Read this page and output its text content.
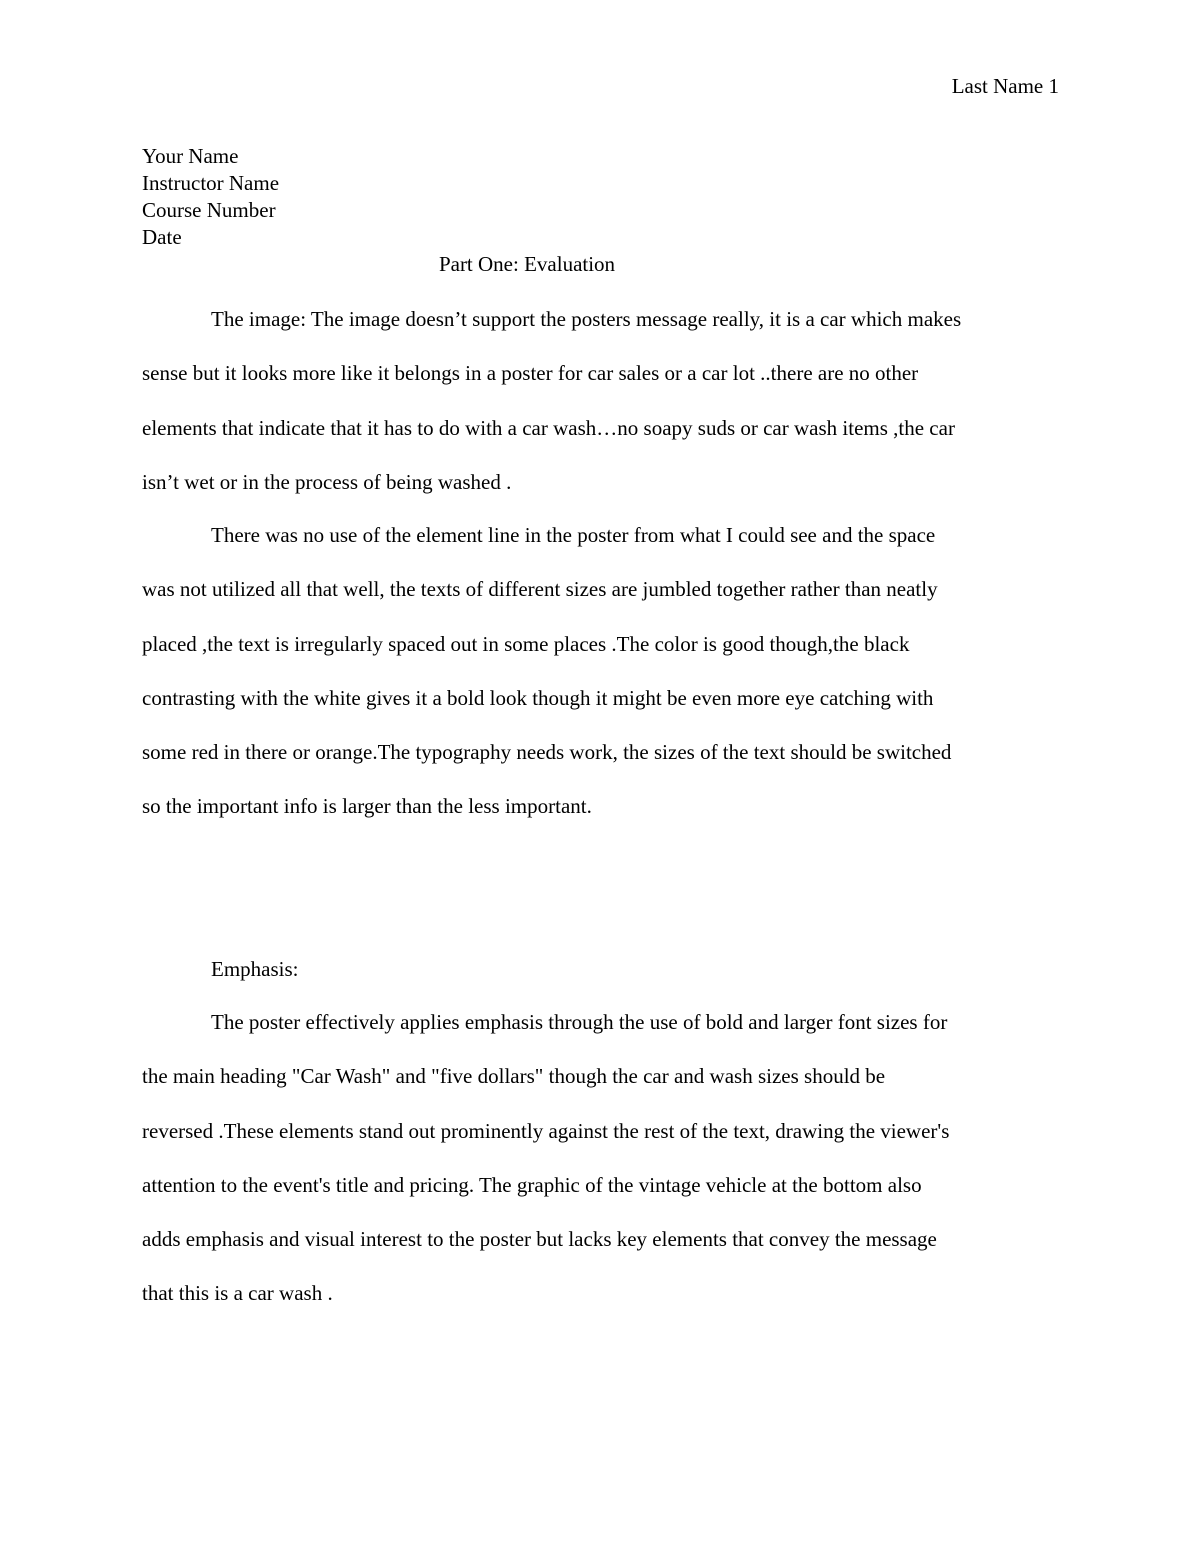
Last Name 1
Your Name
Instructor Name
Course Number
Date
Part One: Evaluation
The image: The image doesn’t support the posters message really, it is a car which makes
sense but it looks more like it belongs in a poster for car sales or a car lot ..there are no other
elements that indicate that it has to do with a car wash…no soapy suds or car wash items ,the car
isn’t wet or in the process of being washed .
There was no use of the element line in the poster from what I could see and the space
was not utilized all that well, the texts of different sizes are jumbled together rather than neatly
placed ,the text is irregularly spaced out in some places .The color is good though,the black
contrasting with the white gives it a bold look though it might be even more eye catching with
some red in there or orange.The typography needs work, the sizes of the text should be switched
so the important info is larger than the less important.
Emphasis:
The poster effectively applies emphasis through the use of bold and larger font sizes for
the main heading "Car Wash" and "five dollars" though the car and wash sizes should be
reversed .These elements stand out prominently against the rest of the text, drawing the viewer's
attention to the event's title and pricing. The graphic of the vintage vehicle at the bottom also
adds emphasis and visual interest to the poster but lacks key elements that convey the message
that this is a car wash .
